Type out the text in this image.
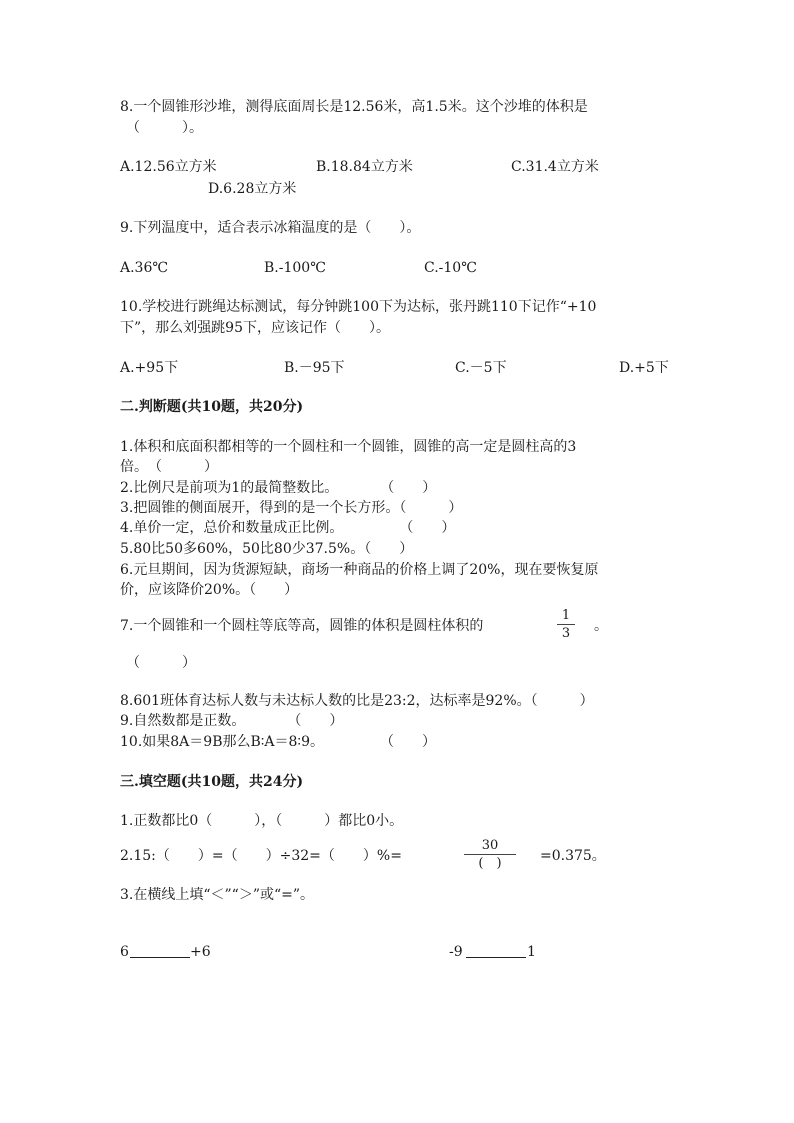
8.一个圆锥形沙堆，测得底面周长是12.56米，高1.5米。这个沙堆的体积是
（　　　）。
A.12.56立方米	B.18.84立方米	C.31.4立方米
D.6.28立方米
9.下列温度中，适合表示冰箱温度的是（　　）。
A.36℃	B.-100℃	C.-10℃
10.学校进行跳绳达标测试，每分钟跳100下为达标，张丹跳110下记作“+10
下”，那么刘强跳95下，应该记作（　　）。
A.+95下	B.－95下	C.－5下	D.+5下
二.判断题(共10题，共20分)
1.体积和底面积都相等的一个圆柱和一个圆锥，圆锥的高一定是圆柱高的3
倍。　（　　　）
2.比例尺是前项为1的最简整数比。　　　　（　　）
3.把圆锥的侧面展开，得到的是一个长方形。（　　　）
4.单价一定，总价和数量成正比例。　　　　　（　　）
5.80比50多60%，50比80少37.5%。（　　）
6.元旦期间，因为货源短缺，商场一种商品的价格上调了20%，现在要恢复原
价，应该降价20%。（　　）
7.一个圆锥和一个圆柱等底等高，圆锥的体积是圆柱体积的
1
3	。
（　　　）
8.601班体育达标人数与未达标人数的比是23:2，达标率是92%。（　　　）
9.自然数都是正数。　　　　（　　）
10.如果8A＝9B那么B∶A＝8∶9。　　　　　（　　）
三.填空题(共10题，共24分)
1.正数都比0（　　　），（　　　）都比0小。
2.15:（　　）=（　　）÷32=（　　）%=
30
(　)	=0.375。
3.在横线上填“＜”“＞”或“=”。
6	+6	-9	1
